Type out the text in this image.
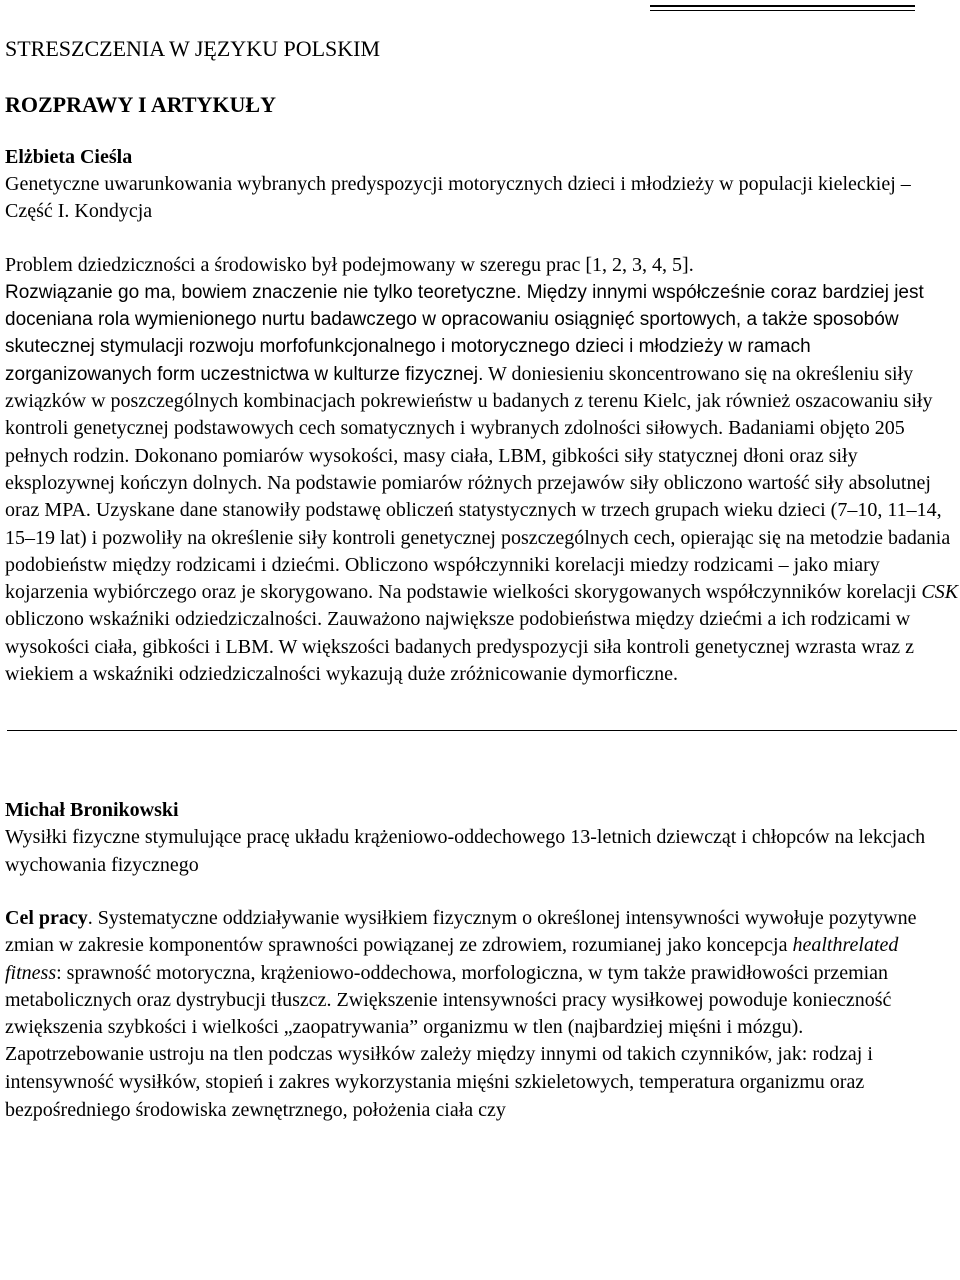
STRESZCZENIA W JĘZYKU POLSKIM

ROZPRAWY I ARTYKUŁY

Elżbieta Cieśla

Genetyczne uwarunkowania wybranych predyspozycji motorycznych dzieci i młodzieży w populacji kieleckiej – Część I. Kondycja

Problem dziedziczności a środowisko był podejmowany w szeregu prac [1, 2, 3, 4, 5].
Rozwiązanie go ma, bowiem znaczenie nie tylko teoretyczne. Między innymi współcześnie coraz bardziej jest doceniana rola wymienionego nurtu badawczego w opracowaniu osiągnięć sportowych, a także sposobów skutecznej stymulacji rozwoju morfofunkcjonalnego i motorycznego dzieci i młodzieży w ramach zorganizowanych form uczestnictwa w kulturze fizycznej. W doniesieniu skoncentrowano się na określeniu siły związków w poszczególnych kombinacjach pokrewieństw u badanych z terenu Kielc, jak również oszacowaniu siły kontroli genetycznej podstawowych cech somatycznych i wybranych zdolności siłowych. Badaniami objęto 205 pełnych rodzin. Dokonano pomiarów wysokości, masy ciała, LBM, gibkości siły statycznej dłoni oraz siły eksplozywnej kończyn dolnych. Na podstawie pomiarów różnych przejawów siły obliczono wartość siły absolutnej oraz MPA. Uzyskane dane stanowiły podstawę obliczeń statystycznych w trzech grupach wieku dzieci (7–10, 11–14, 15–19 lat) i pozwoliły na określenie siły kontroli genetycznej poszczególnych cech, opierając się na metodzie badania podobieństw między rodzicami i dziećmi. Obliczono współczynniki korelacji miedzy rodzicami – jako miary kojarzenia wybiórczego oraz je skorygowano. Na podstawie wielkości skorygowanych współczynników korelacji CSK obliczono wskaźniki odziedziczalności. Zauważono największe podobieństwa między dziećmi a ich rodzicami w wysokości ciała, gibkości i LBM. W większości badanych predyspozycji siła kontroli genetycznej wzrasta wraz z wiekiem a wskaźniki odziedziczalności wykazują duże zróżnicowanie dymorficzne.

Michał Bronikowski

Wysiłki fizyczne stymulujące pracę układu krążeniowo-oddechowego 13-letnich dziewcząt i chłopców na lekcjach wychowania fizycznego

Cel pracy. Systematyczne oddziaływanie wysiłkiem fizycznym o określonej intensywności wywołuje pozytywne zmian w zakresie komponentów sprawności powiązanej ze zdrowiem, rozumianej jako koncepcja healthrelated fitness: sprawność motoryczna, krążeniowo-oddechowa, morfologiczna, w tym także prawidłowości przemian metabolicznych oraz dystrybucji tłuszcz. Zwiększenie intensywności pracy wysiłkowej powoduje konieczność zwiększenia szybkości i wielkości „zaopatrywania” organizmu w tlen (najbardziej mięśni i mózgu).

Zapotrzebowanie ustroju na tlen podczas wysiłków zależy między innymi od takich czynników, jak: rodzaj i intensywność wysiłków, stopień i zakres wykorzystania mięśni szkieletowych, temperatura organizmu oraz bezpośredniego środowiska zewnętrznego, położenia ciała czy
